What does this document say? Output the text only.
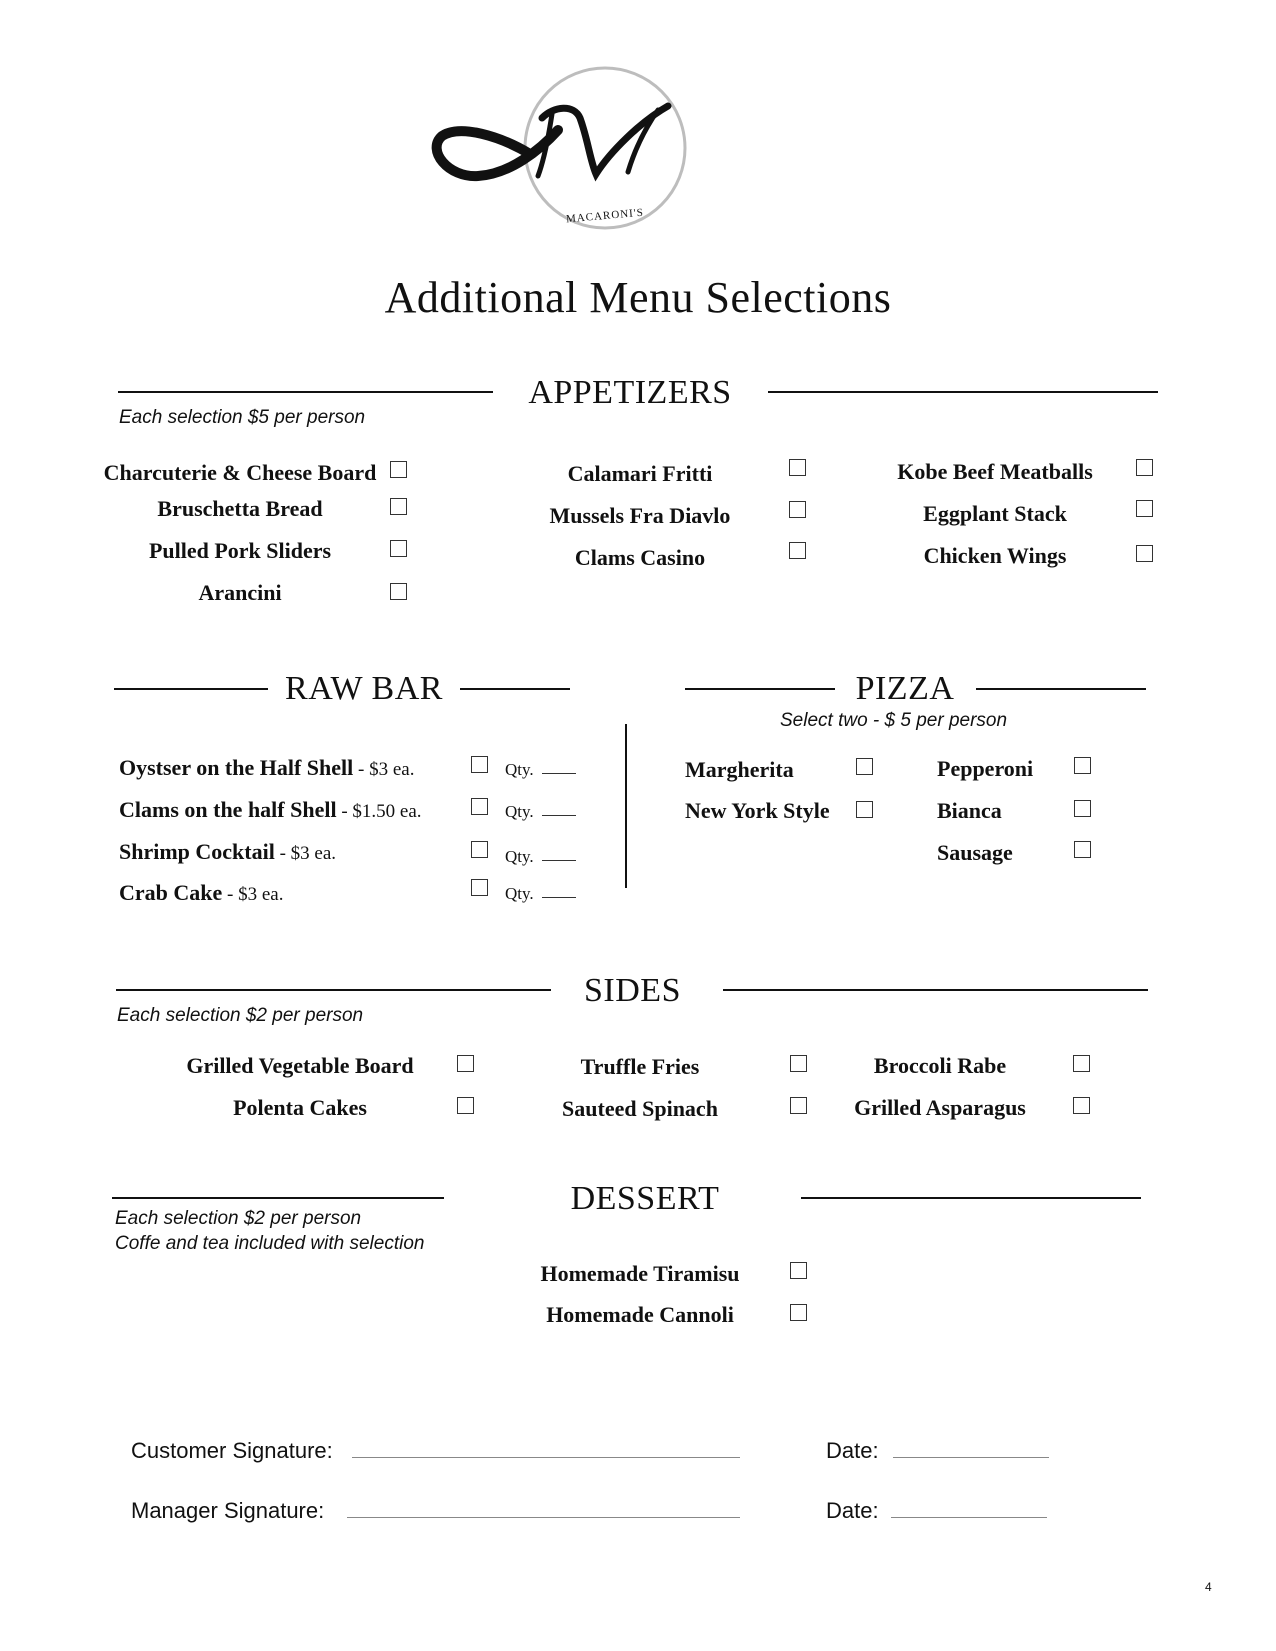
MACARONI'S
Additional Menu Selections
APPETIZERS
Each selection $5 per person
Charcuterie & Cheese Board
Bruschetta Bread
Pulled Pork Sliders
Arancini
Calamari Fritti
Mussels Fra Diavlo
Clams Casino
Kobe Beef Meatballs
Eggplant Stack
Chicken Wings
RAW BAR
Oystser on the Half Shell - $3 ea.	Qty.
Clams on the half Shell - $1.50 ea.	Qty.
Shrimp Cocktail - $3 ea.	Qty.
Crab Cake - $3 ea.	Qty.
PIZZA
Select two - $ 5 per person
Margherita
New York Style
Pepperoni
Bianca
Sausage
SIDES
Each selection $2 per person
Grilled Vegetable Board
Polenta Cakes
Truffle Fries
Sauteed Spinach
Broccoli Rabe
Grilled Asparagus
DESSERT
Each selection $2 per person
Coffe and tea included with selection
Homemade Tiramisu
Homemade Cannoli
Customer Signature:	Date:
Manager Signature:	Date:
4
